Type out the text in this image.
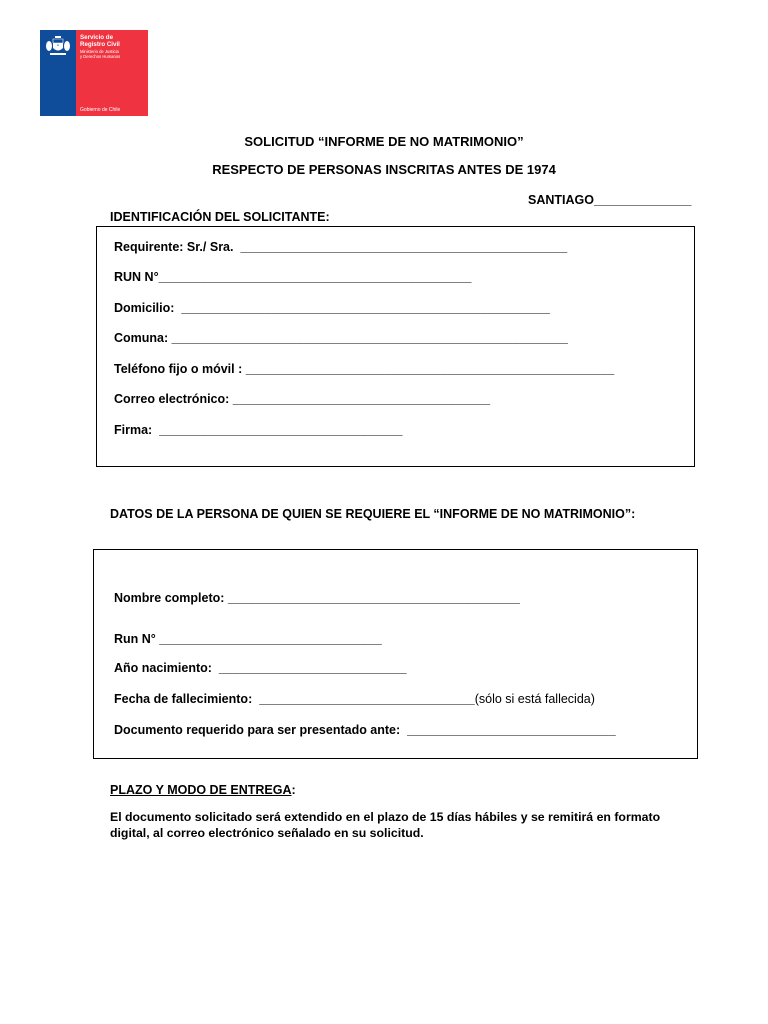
Servicio de
Registro Civil
Ministerio de Justicia
y Derechos Humanos
Gobierno de Chile
SOLICITUD “INFORME DE NO MATRIMONIO”
RESPECTO DE PERSONAS INSCRITAS ANTES DE 1974
SANTIAGO______________
IDENTIFICACIÓN DEL SOLICITANTE:
Requirente: Sr./ Sra. _______________________________________________
RUN N°_____________________________________________
Domicilio: _____________________________________________________
Comuna: _________________________________________________________
Teléfono fijo o móvil : _____________________________________________________
Correo electrónico: _____________________________________
Firma: ___________________________________
DATOS DE LA PERSONA DE QUIEN SE REQUIERE EL “INFORME DE NO MATRIMONIO”:
Nombre completo: __________________________________________
Run N° ________________________________
Año nacimiento: ___________________________
Fecha de fallecimiento: _______________________________(sólo si está fallecida)
Documento requerido para ser presentado ante: ______________________________
PLAZO Y MODO DE ENTREGA:
El documento solicitado será extendido en el plazo de 15 días hábiles y se remitirá en formato digital, al correo electrónico señalado en su solicitud.
